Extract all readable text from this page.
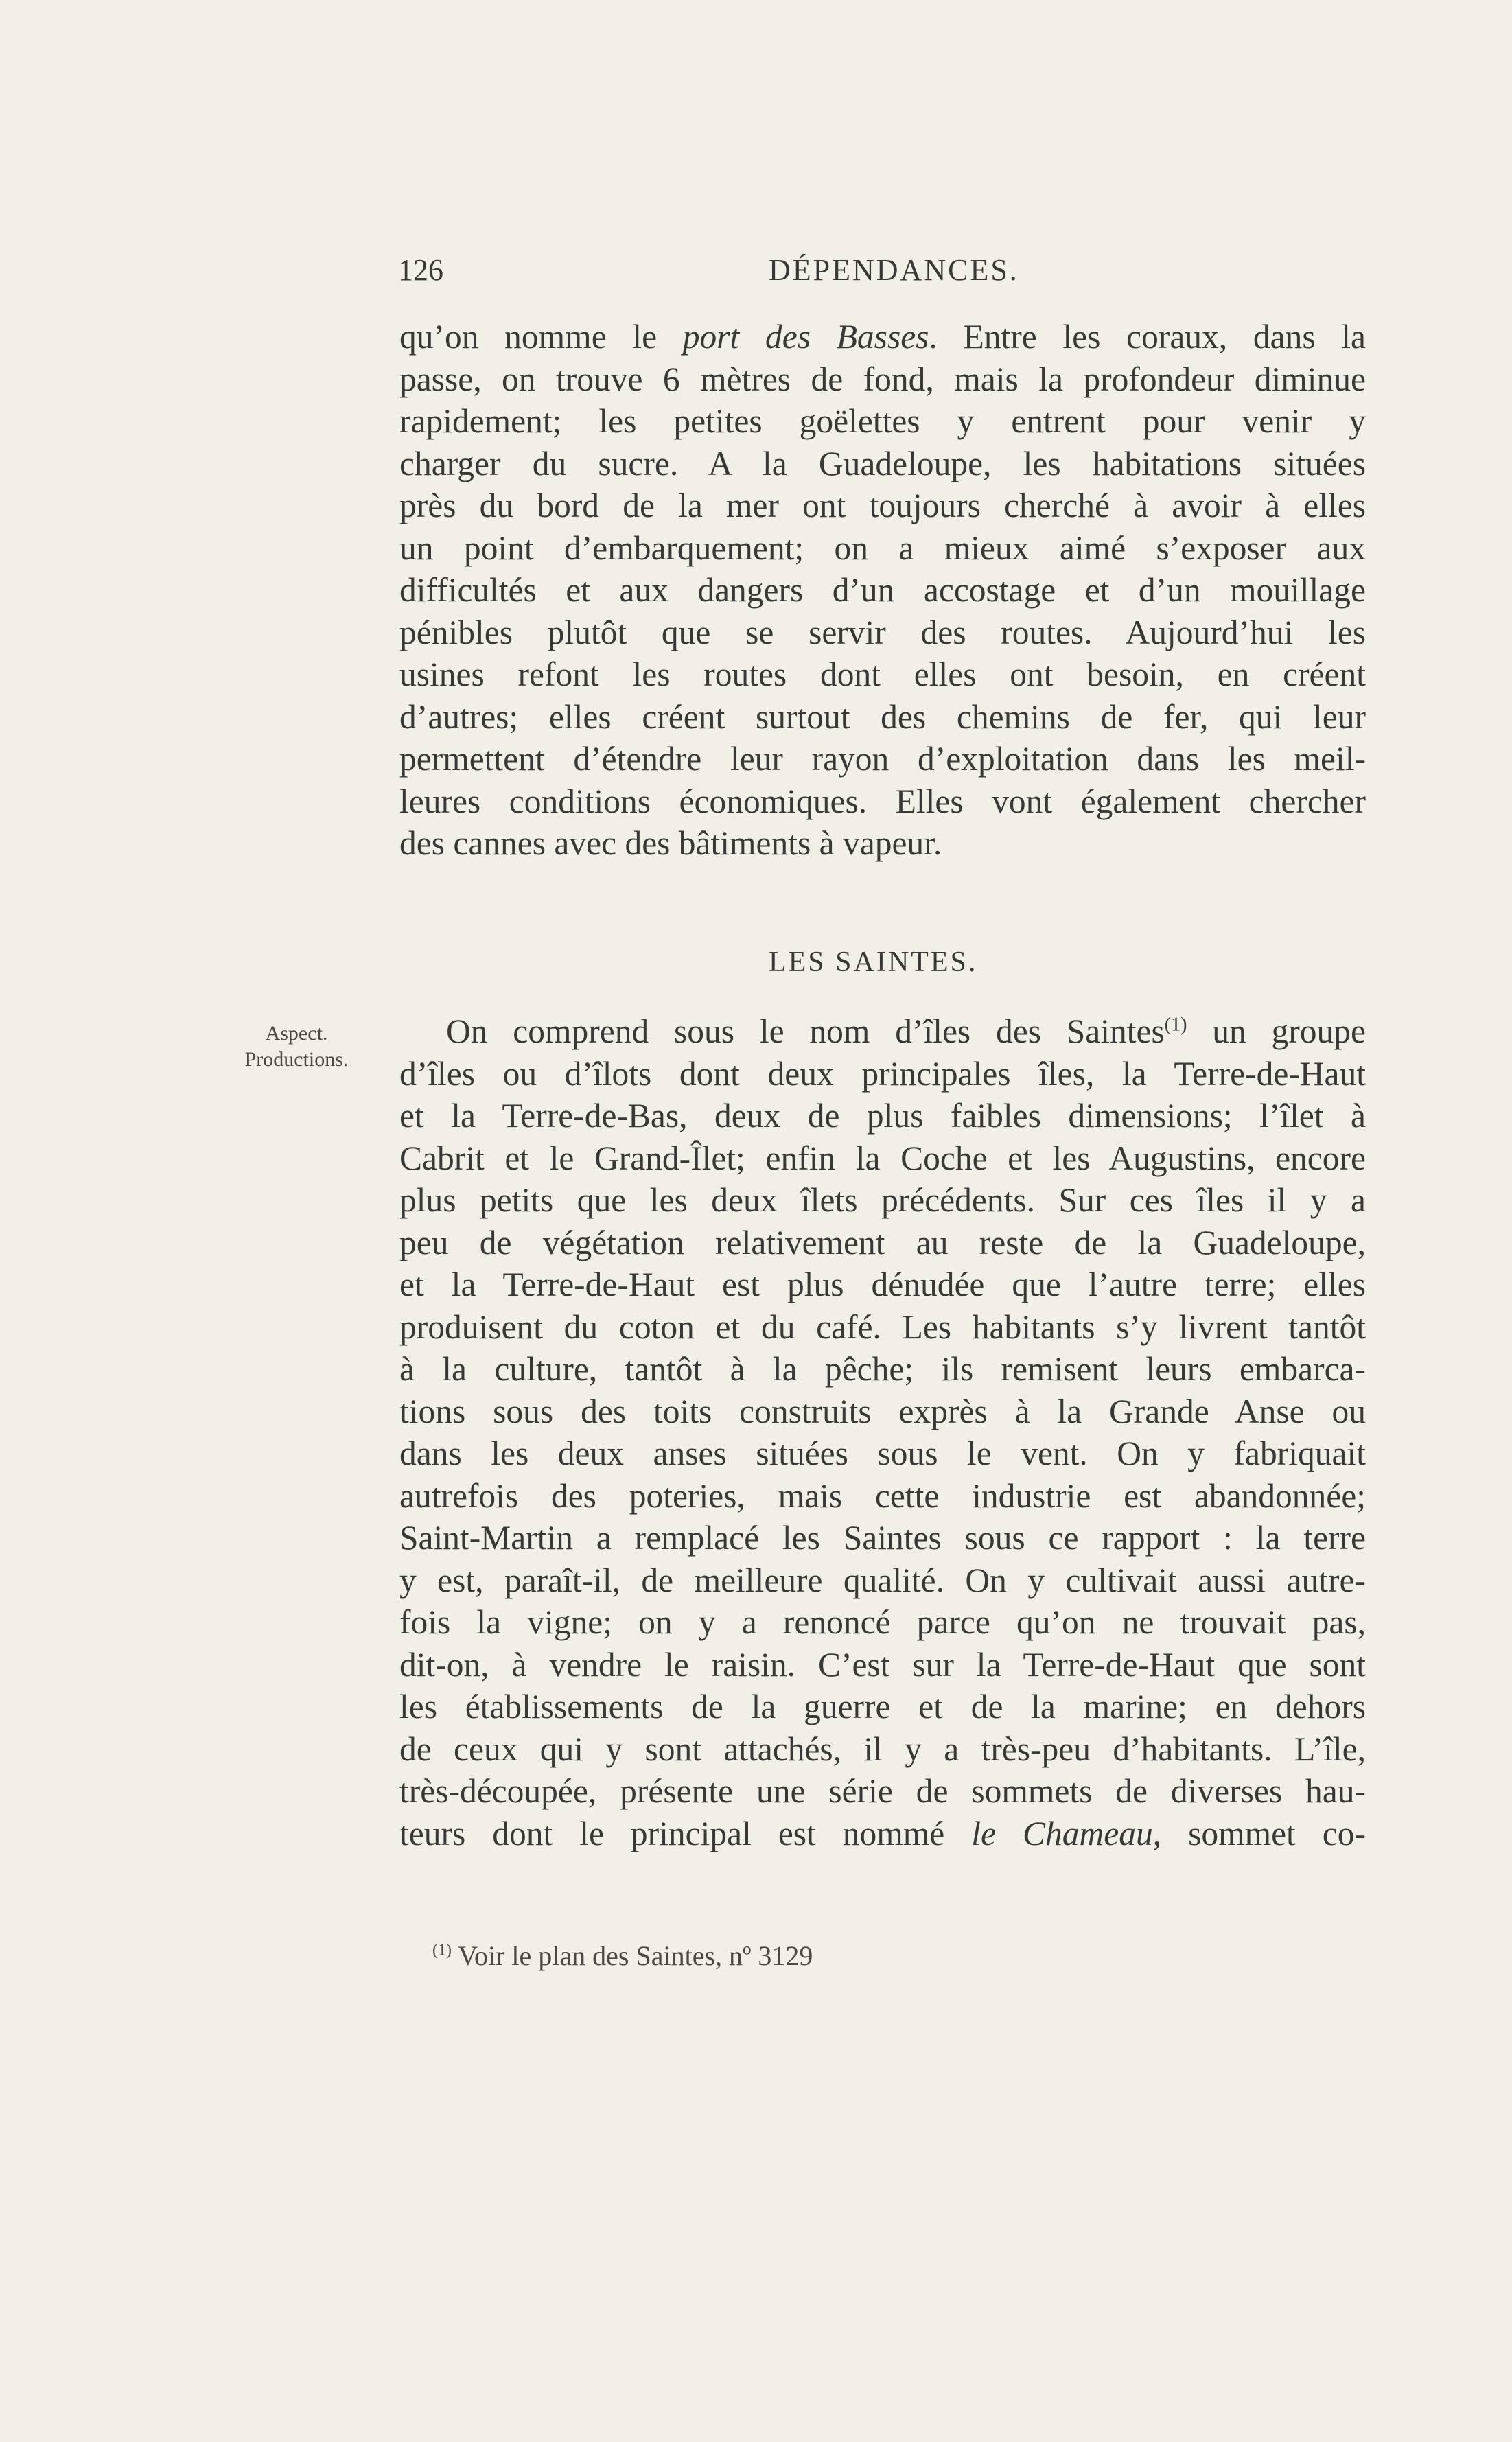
126	DÉPENDANCES.
qu’on nomme le port des Basses. Entre les coraux, dans la
passe, on trouve 6 mètres de fond, mais la profondeur diminue
rapidement; les petites goëlettes y entrent pour venir y
charger du sucre. A la Guadeloupe, les habitations situées
près du bord de la mer ont toujours cherché à avoir à elles
un point d’embarquement; on a mieux aimé s’exposer aux
difficultés et aux dangers d’un accostage et d’un mouillage
pénibles plutôt que se servir des routes. Aujourd’hui les
usines refont les routes dont elles ont besoin, en créent
d’autres; elles créent surtout des chemins de fer, qui leur
permettent d’étendre leur rayon d’exploitation dans les meil-
leures conditions économiques. Elles vont également chercher
des cannes avec des bâtiments à vapeur.
LES SAINTES.
Aspect.
Productions.
On comprend sous le nom d’îles des Saintes$^{(1)}$ un groupe
d’îles ou d’îlots dont deux principales îles, la Terre-de-Haut
et la Terre-de-Bas, deux de plus faibles dimensions; l’îlet à
Cabrit et le Grand-Îlet; enfin la Coche et les Augustins, encore
plus petits que les deux îlets précédents. Sur ces îles il y a
peu de végétation relativement au reste de la Guadeloupe,
et la Terre-de-Haut est plus dénudée que l’autre terre; elles
produisent du coton et du café. Les habitants s’y livrent tantôt
à la culture, tantôt à la pêche; ils remisent leurs embarca-
tions sous des toits construits exprès à la Grande Anse ou
dans les deux anses situées sous le vent. On y fabriquait
autrefois des poteries, mais cette industrie est abandonnée;
Saint-Martin a remplacé les Saintes sous ce rapport : la terre
y est, paraît-il, de meilleure qualité. On y cultivait aussi autre-
fois la vigne; on y a renoncé parce qu’on ne trouvait pas,
dit-on, à vendre le raisin. C’est sur la Terre-de-Haut que sont
les établissements de la guerre et de la marine; en dehors
de ceux qui y sont attachés, il y a très-peu d’habitants. L’île,
très-découpée, présente une série de sommets de diverses hau-
teurs dont le principal est nommé le Chameau, sommet co-
$^{(1)}$ Voir le plan des Saintes, nº 3129
